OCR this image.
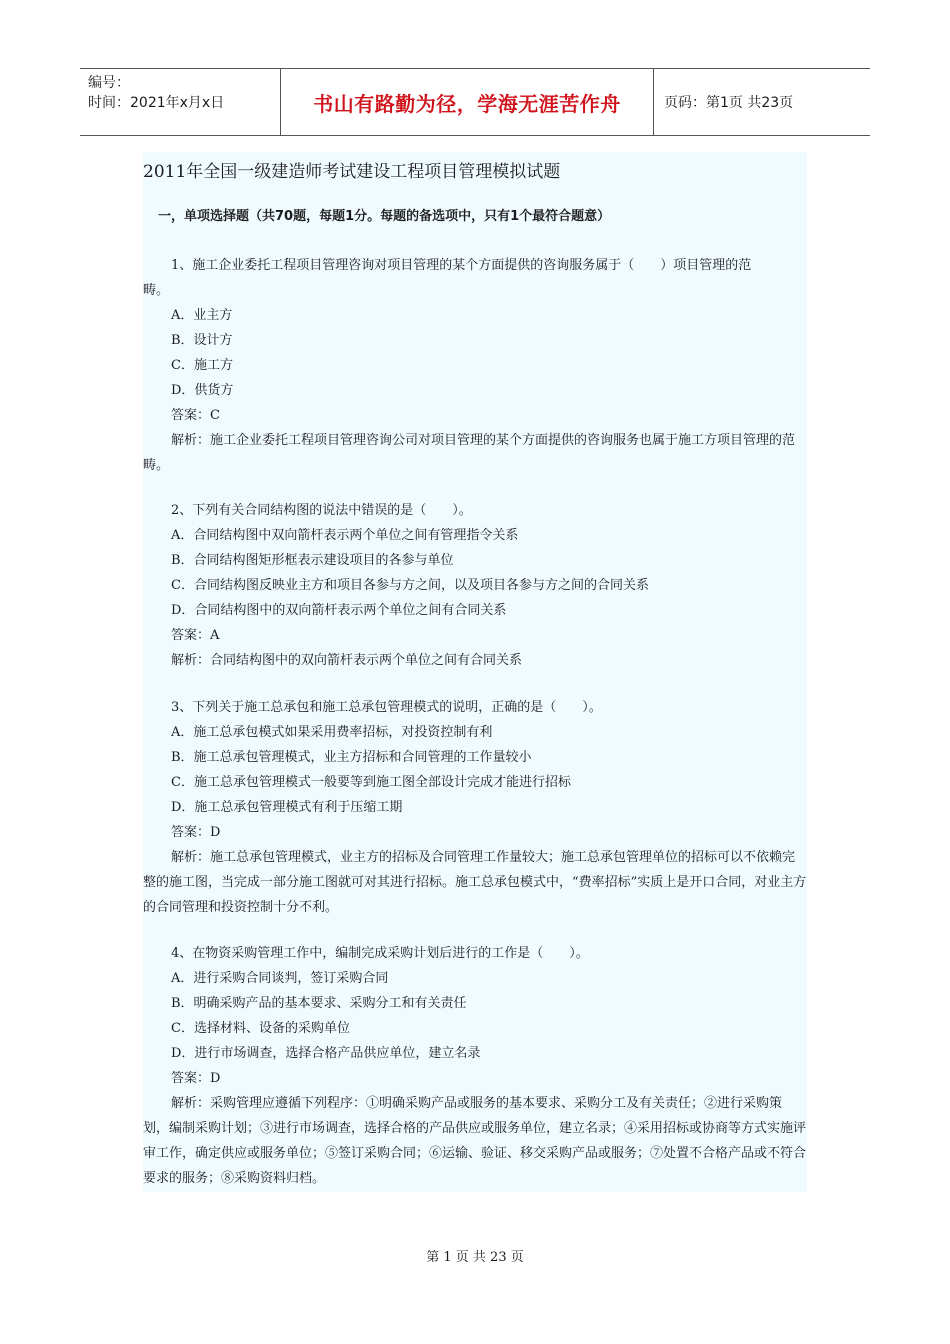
编号：
时间：2021年x月x日	书山有路勤为径，学海无涯苦作舟	页码：第1页 共23页
2011年全国一级建造师考试建设工程项目管理模拟试题
一，单项选择题（共70题，每题1分。每题的备选项中，只有1个最符合题意）
1、施工企业委托工程项目管理咨询对项目管理的某个方面提供的咨询服务属于（　　）项目管理的范
畴。
A．业主方
B．设计方
C．施工方
D．供货方
答案：C
解析：施工企业委托工程项目管理咨询公司对项目管理的某个方面提供的咨询服务也属于施工方项目管理的范畴。
2、下列有关合同结构图的说法中错误的是（　　）。
A．合同结构图中双向箭杆表示两个单位之间有管理指令关系
B．合同结构图矩形框表示建设项目的各参与单位
C．合同结构图反映业主方和项目各参与方之间，以及项目各参与方之间的合同关系
D．合同结构图中的双向箭杆表示两个单位之间有合同关系
答案：A
解析：合同结构图中的双向箭杆表示两个单位之间有合同关系
3、下列关于施工总承包和施工总承包管理模式的说明，正确的是（　　）。
A．施工总承包模式如果采用费率招标，对投资控制有利
B．施工总承包管理模式，业主方招标和合同管理的工作量较小
C．施工总承包管理模式一般要等到施工图全部设计完成才能进行招标
D．施工总承包管理模式有利于压缩工期
答案：D
解析：施工总承包管理模式，业主方的招标及合同管理工作量较大；施工总承包管理单位的招标可以不依赖完整的施工图，当完成一部分施工图就可对其进行招标。施工总承包模式中，“费率招标”实质上是开口合同，对业主方的合同管理和投资控制十分不利。
4、在物资采购管理工作中，编制完成采购计划后进行的工作是（　　）。
A．进行采购合同谈判，签订采购合同
B．明确采购产品的基本要求、采购分工和有关责任
C．选择材料、设备的采购单位
D．进行市场调查，选择合格产品供应单位，建立名录
答案：D
解析：采购管理应遵循下列程序：①明确采购产品或服务的基本要求、采购分工及有关责任；②进行采购策划，编制采购计划；③进行市场调查，选择合格的产品供应或服务单位，建立名录；④采用招标或协商等方式实施评审工作，确定供应或服务单位；⑤签订采购合同；⑥运输、验证、移交采购产品或服务；⑦处置不合格产品或不符合要求的服务；⑧采购资料归档。
第 1 页 共 23 页
